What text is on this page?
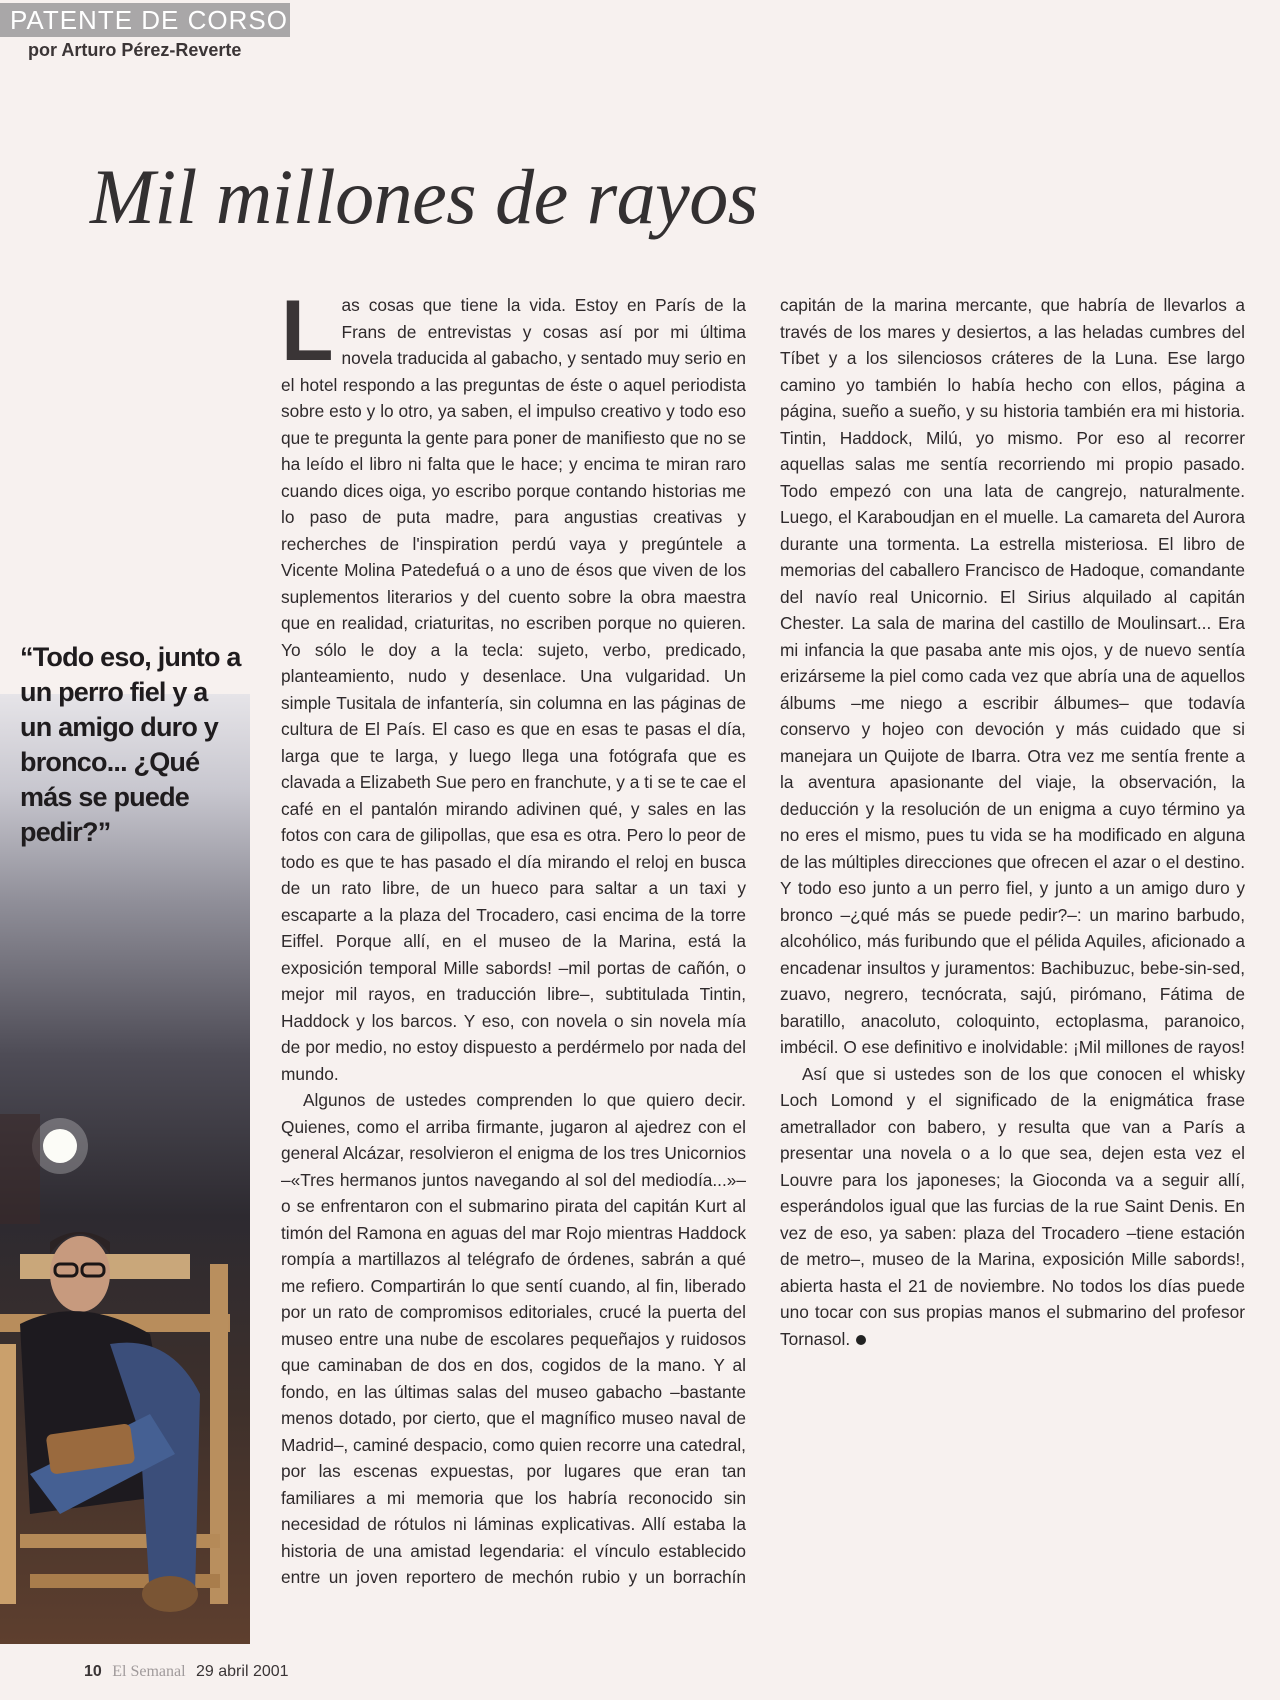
PATENTE DE CORSO
por Arturo Pérez-Reverte
Mil millones de rayos

“Todo eso, junto a un perro fiel y a un amigo duro y bronco... ¿Qué más se puede pedir?”

Las cosas que tiene la vida. Estoy en París de la Frans de entrevistas y cosas así por mi última novela traducida al gabacho, y sentado muy serio en el hotel respondo a las preguntas de éste o aquel periodista sobre esto y lo otro, ya saben, el impulso creativo y todo eso que te pregunta la gente para poner de manifiesto que no se ha leído el libro ni falta que le hace; y encima te miran raro cuando dices oiga, yo escribo porque contando historias me lo paso de puta madre, para angustias creativas y recherches de l'inspiration perdú vaya y pregúntele a Vicente Molina Patedefuá o a uno de ésos que viven de los suplementos literarios y del cuento sobre la obra maestra que en realidad, criaturitas, no escriben porque no quieren. Yo sólo le doy a la tecla: sujeto, verbo, predicado, planteamiento, nudo y desenlace. Una vulgaridad. Un simple Tusitala de infantería, sin columna en las páginas de cultura de El País. El caso es que en esas te pasas el día, larga que te larga, y luego llega una fotógrafa que es clavada a Elizabeth Sue pero en franchute, y a ti se te cae el café en el pantalón mirando adivinen qué, y sales en las fotos con cara de gilipollas, que esa es otra. Pero lo peor de todo es que te has pasado el día mirando el reloj en busca de un rato libre, de un hueco para saltar a un taxi y escaparte a la plaza del Trocadero, casi encima de la torre Eiffel. Porque allí, en el museo de la Marina, está la exposición temporal Mille sabords! –mil portas de cañón, o mejor mil rayos, en traducción libre–, subtitulada Tintin, Haddock y los barcos. Y eso, con novela o sin novela mía de por medio, no estoy dispuesto a perdérmelo por nada del mundo.

Algunos de ustedes comprenden lo que quiero decir. Quienes, como el arriba firmante, jugaron al ajedrez con el general Alcázar, resolvieron el enigma de los tres Unicornios –«Tres hermanos juntos navegando al sol del mediodía...»– o se enfrentaron con el submarino pirata del capitán Kurt al timón del Ramona en aguas del mar Rojo mientras Haddock rompía a martillazos al telégrafo de órdenes, sabrán a qué me refiero. Compartirán lo que sentí cuando, al fin, liberado por un rato de compromisos editoriales, crucé la puerta del museo entre una nube de escolares pequeñajos y ruidosos que caminaban de dos en dos, cogidos de la mano. Y al fondo, en las últimas salas del museo gabacho –bastante menos dotado, por cierto, que el magnífico museo naval de Madrid–, caminé despacio, como quien recorre una catedral, por las escenas expuestas, por lugares que eran tan familiares a mi memoria que los habría reconocido sin necesidad de rótulos ni láminas explicativas. Allí estaba la historia de una amistad legendaria: el vínculo establecido entre un joven reportero de mechón rubio y un borrachín capitán de la marina mercante, que habría de llevarlos a través de los mares y desiertos, a las heladas cumbres del Tíbet y a los silenciosos cráteres de la Luna. Ese largo camino yo también lo había hecho con ellos, página a página, sueño a sueño, y su historia también era mi historia. Tintin, Haddock, Milú, yo mismo. Por eso al recorrer aquellas salas me sentía recorriendo mi propio pasado. Todo empezó con una lata de cangrejo, naturalmente. Luego, el Karaboudjan en el muelle. La camareta del Aurora durante una tormenta. La estrella misteriosa. El libro de memorias del caballero Francisco de Hadoque, comandante del navío real Unicornio. El Sirius alquilado al capitán Chester. La sala de marina del castillo de Moulinsart... Era mi infancia la que pasaba ante mis ojos, y de nuevo sentía erizárseme la piel como cada vez que abría una de aquellos álbums –me niego a escribir álbumes– que todavía conservo y hojeo con devoción y más cuidado que si manejara un Quijote de Ibarra. Otra vez me sentía frente a la aventura apasionante del viaje, la observación, la deducción y la resolución de un enigma a cuyo término ya no eres el mismo, pues tu vida se ha modificado en alguna de las múltiples direcciones que ofrecen el azar o el destino. Y todo eso junto a un perro fiel, y junto a un amigo duro y bronco –¿qué más se puede pedir?–: un marino barbudo, alcohólico, más furibundo que el pélida Aquiles, aficionado a encadenar insultos y juramentos: Bachibuzuc, bebe-sin-sed, zuavo, negrero, tecnócrata, sajú, pirómano, Fátima de baratillo, anacoluto, coloquinto, ectoplasma, paranoico, imbécil. O ese definitivo e inolvidable: ¡Mil millones de rayos!

Así que si ustedes son de los que conocen el whisky Loch Lomond y el significado de la enigmática frase ametrallador con babero, y resulta que van a París a presentar una novela o a lo que sea, dejen esta vez el Louvre para los japoneses; la Gioconda va a seguir allí, esperándolos igual que las furcias de la rue Saint Denis. En vez de eso, ya saben: plaza del Trocadero –tiene estación de metro–, museo de la Marina, exposición Mille sabords!, abierta hasta el 21 de noviembre. No todos los días puede uno tocar con sus propias manos el submarino del profesor Tornasol.

10 El Semanal 29 abril 2001
